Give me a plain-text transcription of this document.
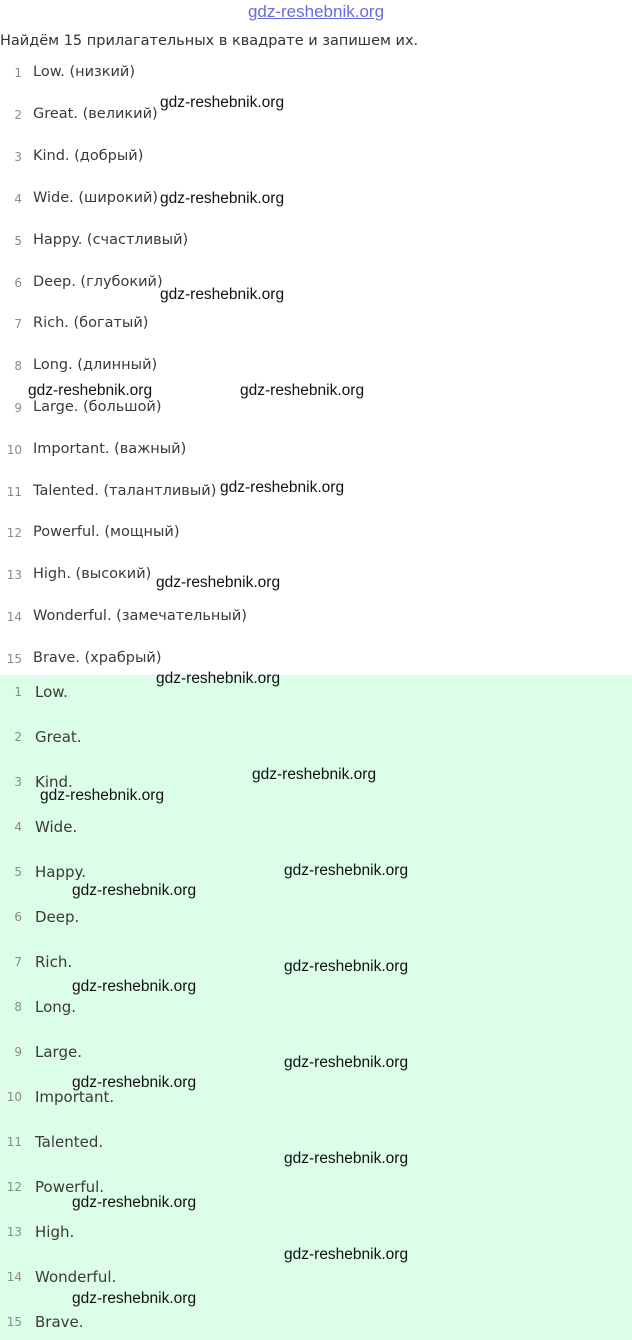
gdz-reshebnik.org
Найдём 15 прилагательных в квадрате и запишем их.
1 Low. (низкий)
2 Great. (великий)
3 Kind. (добрый)
4 Wide. (широкий)
5 Happy. (счастливый)
6 Deep. (глубокий)
7 Rich. (богатый)
8 Long. (длинный)
9 Large. (большой)
10 Important. (важный)
11 Talented. (талантливый)
12 Powerful. (мощный)
13 High. (высокий)
14 Wonderful. (замечательный)
15 Brave. (храбрый)
1 Low.
2 Great.
3 Kind.
4 Wide.
5 Happy.
6 Deep.
7 Rich.
8 Long.
9 Large.
10 Important.
11 Talented.
12 Powerful.
13 High.
14 Wonderful.
15 Brave.
gdz-reshebnik.org
gdz-reshebnik.org
gdz-reshebnik.org
gdz-reshebnik.org	gdz-reshebnik.org
gdz-reshebnik.org
gdz-reshebnik.org
gdz-reshebnik.org
gdz-reshebnik.org
gdz-reshebnik.org
gdz-reshebnik.org
gdz-reshebnik.org
gdz-reshebnik.org
gdz-reshebnik.org
gdz-reshebnik.org
gdz-reshebnik.org
gdz-reshebnik.org
gdz-reshebnik.org
gdz-reshebnik.org
gdz-reshebnik.org
